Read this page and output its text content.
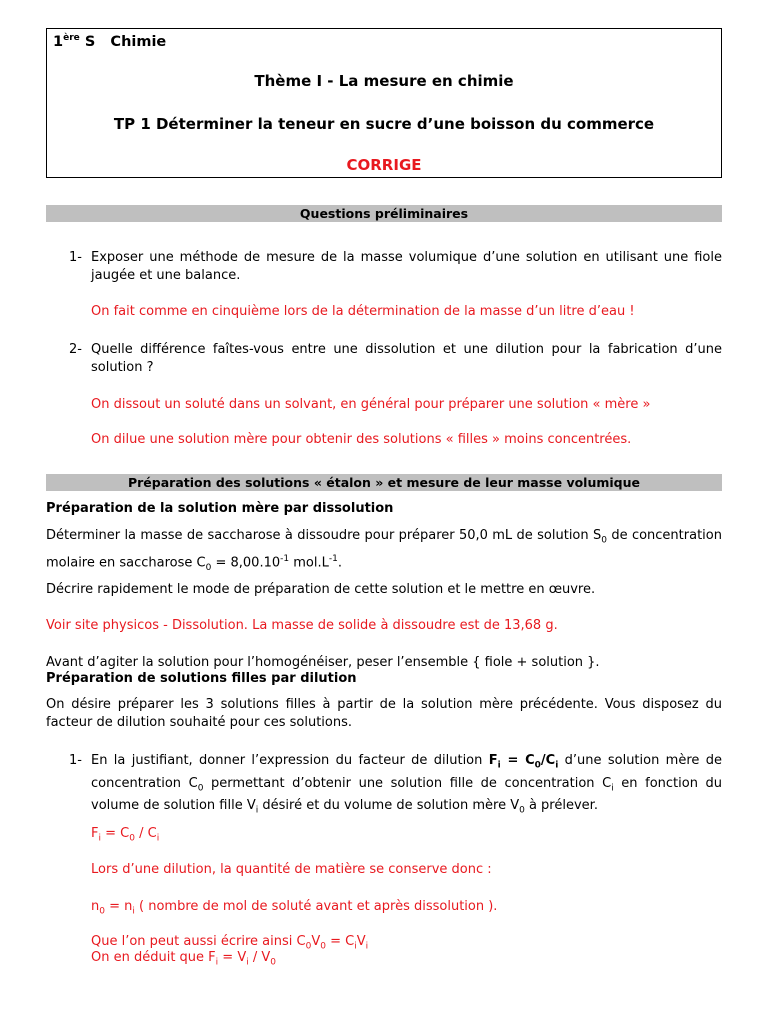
1ère S Chimie
Thème I - La mesure en chimie
TP 1 Déterminer la teneur en sucre d’une boisson du commerce
CORRIGE
Questions préliminaires
1- Exposer une méthode de mesure de la masse volumique d’une solution en utilisant une fiole jaugée et une balance.
On fait comme en cinquième lors de la détermination de la masse d’un litre d’eau !
2- Quelle différence faîtes-vous entre une dissolution et une dilution pour la fabrication d’une solution ?
On dissout un soluté dans un solvant, en général pour préparer une solution « mère »
On dilue une solution mère pour obtenir des solutions « filles » moins concentrées.
Préparation des solutions « étalon » et mesure de leur masse volumique
Préparation de la solution mère par dissolution
Déterminer la masse de saccharose à dissoudre pour préparer 50,0 mL de solution $S_0$ de concentration molaire en saccharose $C_0 = 8,00.10^{-1}$ $mol.L^{-1}$.
Décrire rapidement le mode de préparation de cette solution et le mettre en œuvre.
Voir site physicos - Dissolution. La masse de solide à dissoudre est de 13,68 g.
Avant d’agiter la solution pour l’homogénéiser, peser l’ensemble { fiole + solution }.
Préparation de solutions filles par dilution
On désire préparer les 3 solutions filles à partir de la solution mère précédente. Vous disposez du facteur de dilution souhaité pour ces solutions.
1- En la justifiant, donner l’expression du facteur de dilution $F_i = C_0/C_i$ d’une solution mère de concentration $C_0$ permettant d’obtenir une solution fille de concentration $C_i$ en fonction du volume de solution fille $V_i$ désiré et du volume de solution mère $V_0$ à prélever.
$F_i = C_0 / C_i$
Lors d’une dilution, la quantité de matière se conserve donc :
$n_0 = n_i$ ( nombre de mol de soluté avant et après dissolution ).
Que l’on peut aussi écrire ainsi $C_0V_0 = C_iV_i$
On en déduit que $F_i = V_i / V_0$
